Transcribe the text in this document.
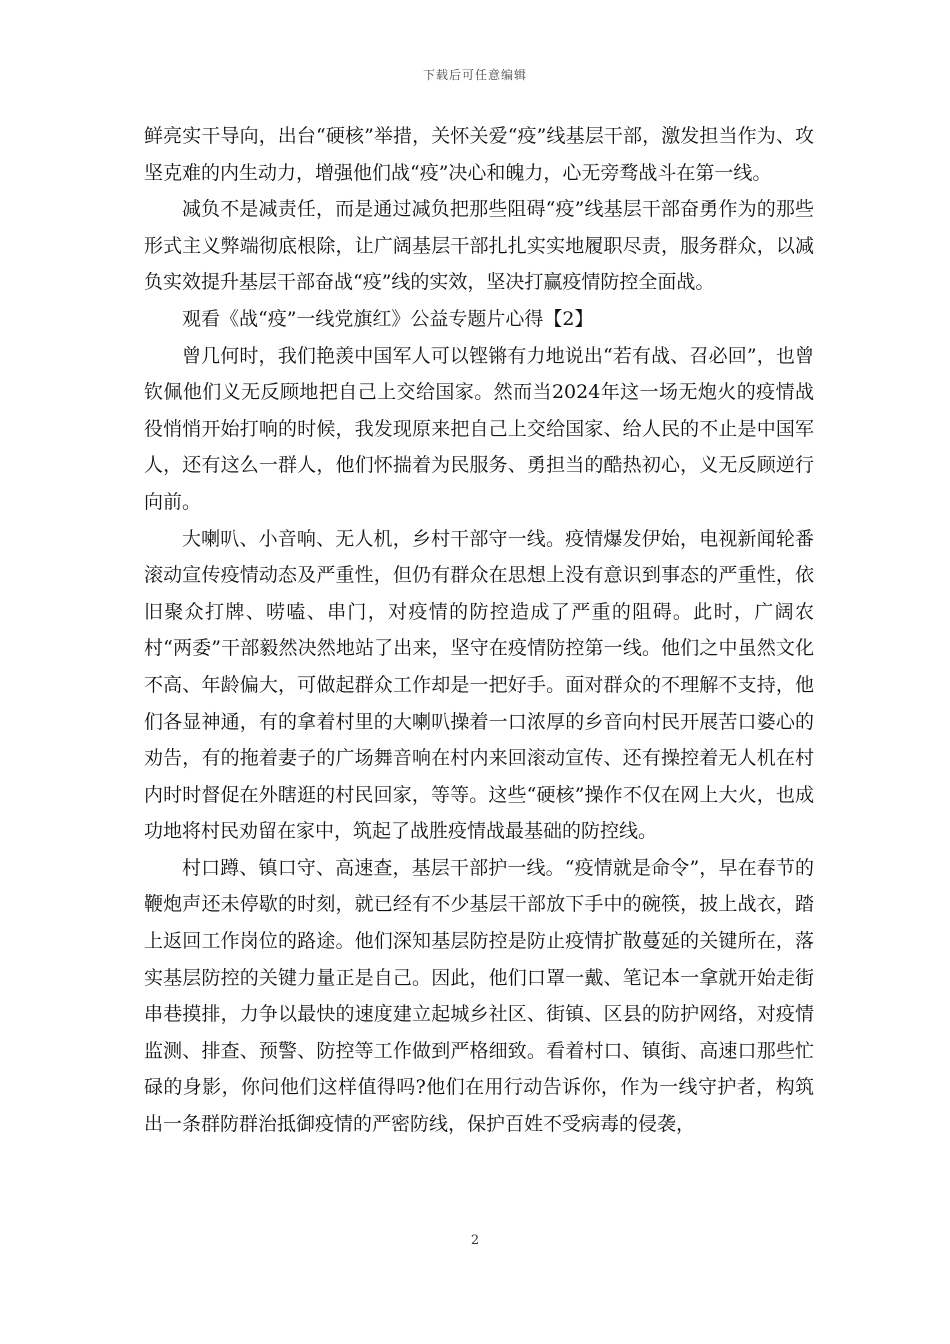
下载后可任意编辑

鲜亮实干导向，出台“硬核”举措，关怀关爱“疫”线基层干部，激发担当作为、攻坚克难的内生动力，增强他们战“疫”决心和魄力，心无旁骛战斗在第一线。

减负不是减责任，而是通过减负把那些阻碍“疫”线基层干部奋勇作为的那些形式主义弊端彻底根除，让广阔基层干部扎扎实实地履职尽责，服务群众，以减负实效提升基层干部奋战“疫”线的实效，坚决打赢疫情防控全面战。

观看《战“疫”一线党旗红》公益专题片心得【2】

曾几何时，我们艳羡中国军人可以铿锵有力地说出“若有战、召必回”，也曾钦佩他们义无反顾地把自己上交给国家。然而当2024年这一场无炮火的疫情战役悄悄开始打响的时候，我发现原来把自己上交给国家、给人民的不止是中国军人，还有这么一群人，他们怀揣着为民服务、勇担当的酷热初心，义无反顾逆行向前。

大喇叭、小音响、无人机，乡村干部守一线。疫情爆发伊始，电视新闻轮番滚动宣传疫情动态及严重性，但仍有群众在思想上没有意识到事态的严重性，依旧聚众打牌、唠嗑、串门，对疫情的防控造成了严重的阻碍。此时，广阔农村“两委”干部毅然决然地站了出来，坚守在疫情防控第一线。他们之中虽然文化不高、年龄偏大，可做起群众工作却是一把好手。面对群众的不理解不支持，他们各显神通，有的拿着村里的大喇叭操着一口浓厚的乡音向村民开展苦口婆心的劝告，有的拖着妻子的广场舞音响在村内来回滚动宣传、还有操控着无人机在村内时时督促在外瞎逛的村民回家，等等。这些“硬核”操作不仅在网上大火，也成功地将村民劝留在家中，筑起了战胜疫情战最基础的防控线。

村口蹲、镇口守、高速查，基层干部护一线。“疫情就是命令”，早在春节的鞭炮声还未停歇的时刻，就已经有不少基层干部放下手中的碗筷，披上战衣，踏上返回工作岗位的路途。他们深知基层防控是防止疫情扩散蔓延的关键所在，落实基层防控的关键力量正是自己。因此，他们口罩一戴、笔记本一拿就开始走街串巷摸排，力争以最快的速度建立起城乡社区、街镇、区县的防护网络，对疫情监测、排查、预警、防控等工作做到严格细致。看着村口、镇街、高速口那些忙碌的身影，你问他们这样值得吗?他们在用行动告诉你，作为一线守护者，构筑出一条群防群治抵御疫情的严密防线，保护百姓不受病毒的侵袭，

2
